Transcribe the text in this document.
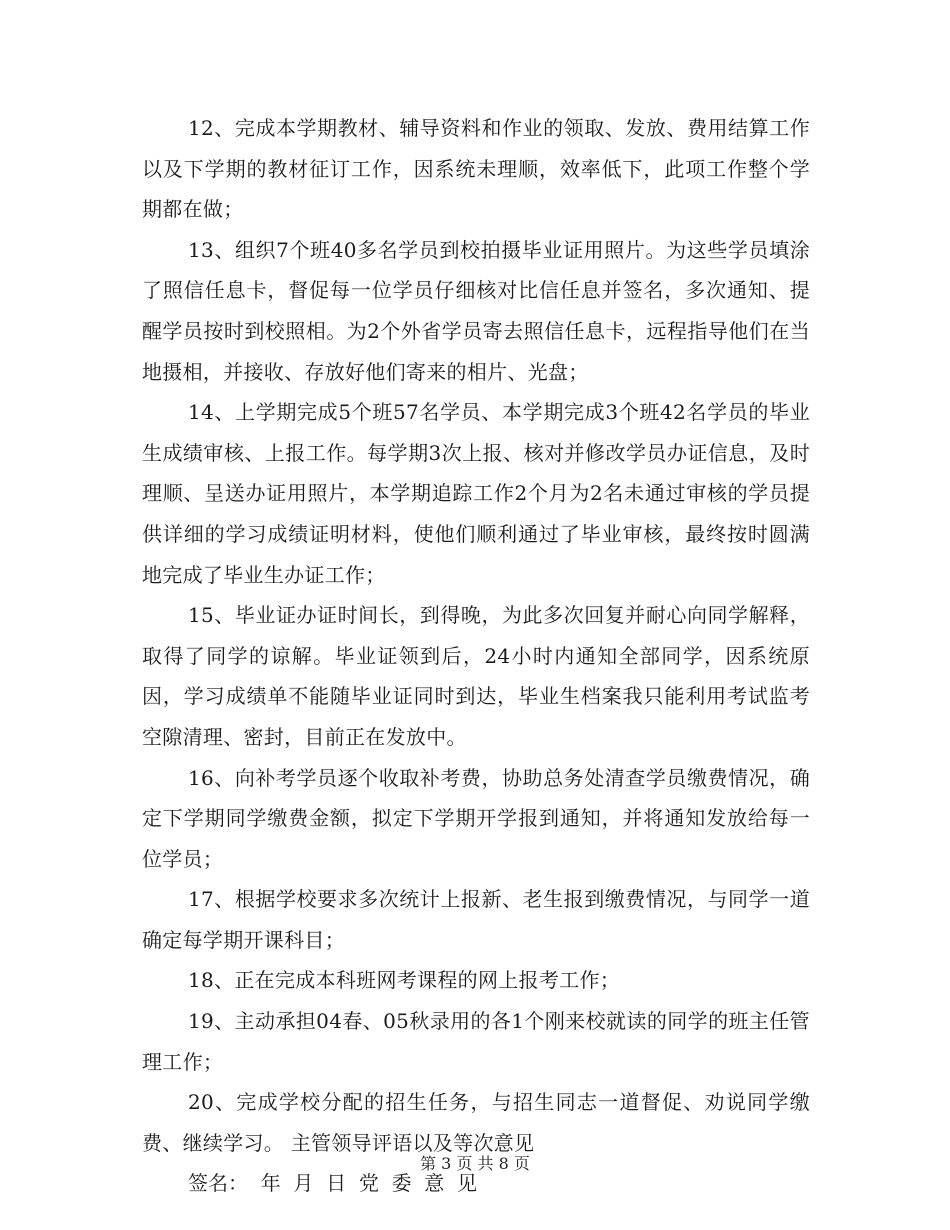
12、完成本学期教材、辅导资料和作业的领取、发放、费用结算工作以及下学期的教材征订工作，因系统未理顺，效率低下，此项工作整个学期都在做；

13、组织7个班40多名学员到校拍摄毕业证用照片。为这些学员填涂了照信任息卡，督促每一位学员仔细核对比信任息并签名，多次通知、提醒学员按时到校照相。为2个外省学员寄去照信任息卡，远程指导他们在当地摄相，并接收、存放好他们寄来的相片、光盘；

14、上学期完成5个班57名学员、本学期完成3个班42名学员的毕业生成绩审核、上报工作。每学期3次上报、核对并修改学员办证信息，及时理顺、呈送办证用照片，本学期追踪工作2个月为2名未通过审核的学员提供详细的学习成绩证明材料，使他们顺利通过了毕业审核，最终按时圆满地完成了毕业生办证工作；

15、毕业证办证时间长，到得晚，为此多次回复并耐心向同学解释，取得了同学的谅解。毕业证领到后，24小时内通知全部同学，因系统原因，学习成绩单不能随毕业证同时到达，毕业生档案我只能利用考试监考空隙清理、密封，目前正在发放中。

16、向补考学员逐个收取补考费，协助总务处清查学员缴费情况，确定下学期同学缴费金额，拟定下学期开学报到通知，并将通知发放给每一位学员；

17、根据学校要求多次统计上报新、老生报到缴费情况，与同学一道确定每学期开课科目；

18、正在完成本科班网考课程的网上报考工作；

19、主动承担04春、05秋录用的各1个刚来校就读的同学的班主任管理工作；

20、完成学校分配的招生任务，与招生同志一道督促、劝说同学缴费、继续学习。 主管领导评语以及等次意见

签名：  年  月  日  党  委  意  见

第 3 页 共 8 页
